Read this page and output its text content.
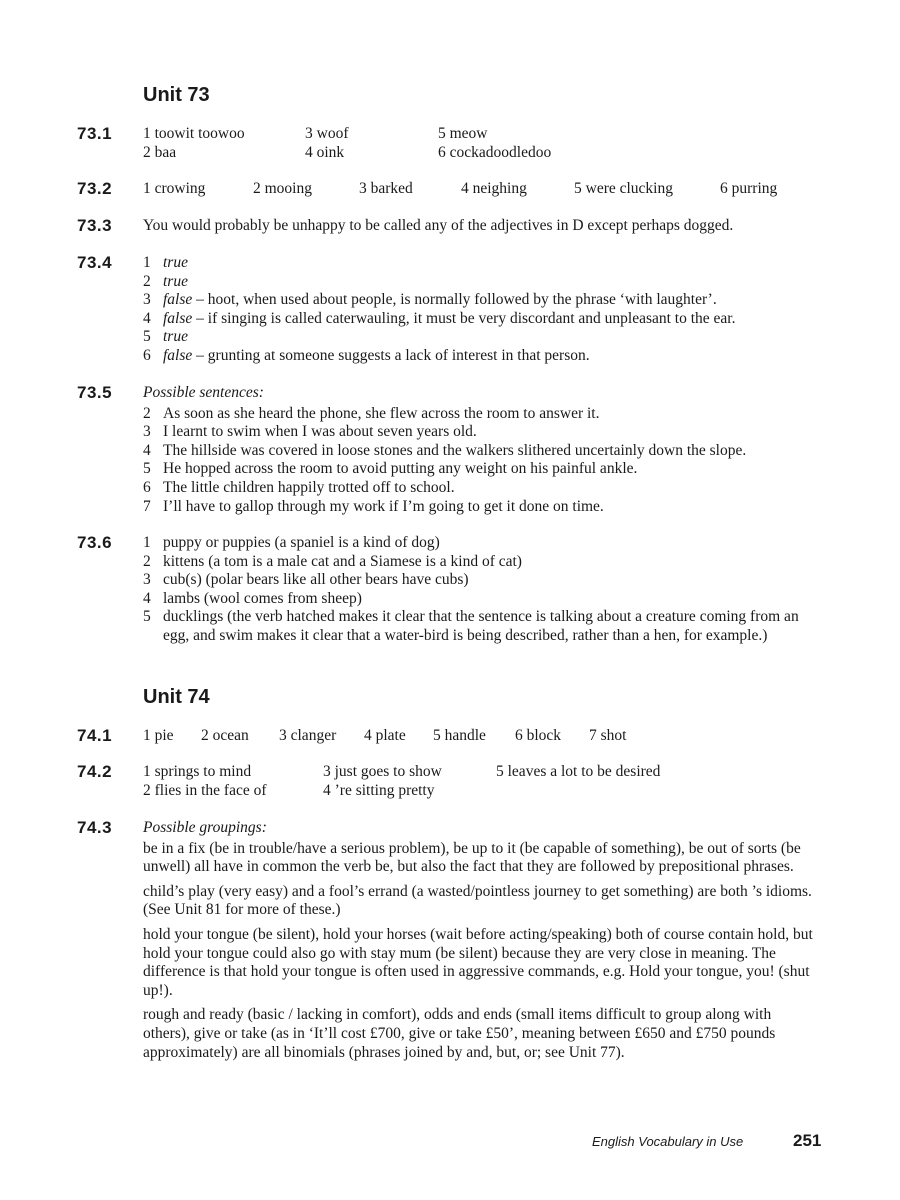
Unit 73
73.1 1 toowit toowoo	3 woof	5 meow
2 baa	4 oink	6 cockadoodledoo
73.2 1 crowing	2 mooing	3 barked	4 neighing	5 were clucking	6 purring
73.3 You would probably be unhappy to be called any of the adjectives in D except perhaps dogged.
73.4 1 true
2 true
3 false – hoot, when used about people, is normally followed by the phrase ‘with laughter’.
4 false – if singing is called caterwauling, it must be very discordant and unpleasant to the ear.
5 true
6 false – grunting at someone suggests a lack of interest in that person.
73.5 Possible sentences:
2 As soon as she heard the phone, she flew across the room to answer it.
3 I learnt to swim when I was about seven years old.
4 The hillside was covered in loose stones and the walkers slithered uncertainly down the slope.
5 He hopped across the room to avoid putting any weight on his painful ankle.
6 The little children happily trotted off to school.
7 I’ll have to gallop through my work if I’m going to get it done on time.
73.6 1 puppy or puppies (a spaniel is a kind of dog)
2 kittens (a tom is a male cat and a Siamese is a kind of cat)
3 cub(s) (polar bears like all other bears have cubs)
4 lambs (wool comes from sheep)
5 ducklings (the verb hatched makes it clear that the sentence is talking about a creature coming from an egg, and swim makes it clear that a water-bird is being described, rather than a hen, for example.)
Unit 74
74.1 1 pie 2 ocean 3 clanger 4 plate 5 handle 6 block 7 shot
74.2 1 springs to mind	3 just goes to show	5 leaves a lot to be desired
2 flies in the face of	4 ’re sitting pretty
74.3 Possible groupings:

be in a fix (be in trouble/have a serious problem), be up to it (be capable of something), be out of sorts (be unwell) all have in common the verb be, but also the fact that they are followed by prepositional phrases.

child’s play (very easy) and a fool’s errand (a wasted/pointless journey to get something) are both ’s idioms. (See Unit 81 for more of these.)

hold your tongue (be silent), hold your horses (wait before acting/speaking) both of course contain hold, but hold your tongue could also go with stay mum (be silent) because they are very close in meaning. The difference is that hold your tongue is often used in aggressive commands, e.g. Hold your tongue, you! (shut up!).

rough and ready (basic / lacking in comfort), odds and ends (small items difficult to group along with others), give or take (as in ‘It’ll cost £700, give or take £50’, meaning between £650 and £750 pounds approximately) are all binomials (phrases joined by and, but, or; see Unit 77).

English Vocabulary in Use	251
